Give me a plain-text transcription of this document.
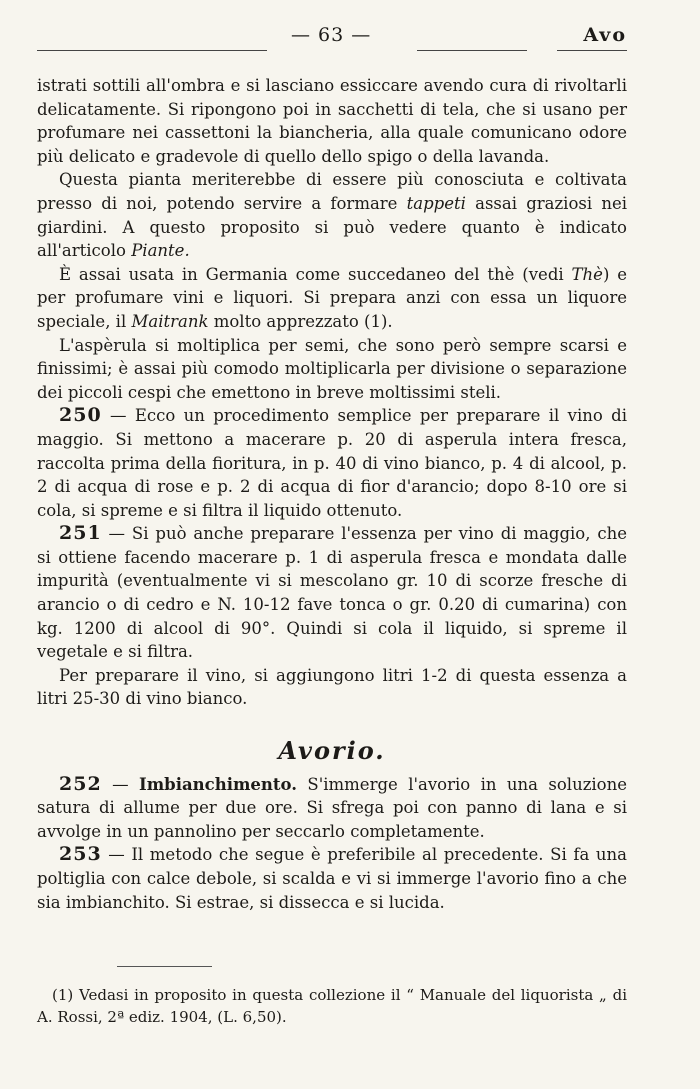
— 63 —	Avo

istrati sottili all'ombra e si lasciano essiccare avendo cura di rivoltarli delicatamente. Si ripongono poi in sacchetti di tela, che si usano per profumare nei cassettoni la biancheria, alla quale comunicano odore più delicato e gradevole di quello dello spigo o della lavanda.

Questa pianta meriterebbe di essere più conosciuta e coltivata presso di noi, potendo servire a formare tappeti assai graziosi nei giardini. A questo proposito si può vedere quanto è indicato all'articolo Piante.

È assai usata in Germania come succedaneo del thè (vedi Thè) e per profumare vini e liquori. Si prepara anzi con essa un liquore speciale, il Maitrank molto apprezzato (1).

L'aspèrula si moltiplica per semi, che sono però sempre scarsi e finissimi; è assai più comodo moltiplicarla per divisione o separazione dei piccoli cespi che emettono in breve moltissimi steli.

250 — Ecco un procedimento semplice per preparare il vino di maggio. Si mettono a macerare p. 20 di asperula intera fresca, raccolta prima della fioritura, in p. 40 di vino bianco, p. 4 di alcool, p. 2 di acqua di rose e p. 2 di acqua di fior d'arancio; dopo 8-10 ore si cola, si spreme e si filtra il liquido ottenuto.

251 — Si può anche preparare l'essenza per vino di maggio, che si ottiene facendo macerare p. 1 di asperula fresca e mondata dalle impurità (eventualmente vi si mescolano gr. 10 di scorze fresche di arancio o di cedro e N. 10-12 fave tonca o gr. 0.20 di cumarina) con kg. 1200 di alcool di 90°. Quindi si cola il liquido, si spreme il vegetale e si filtra.

Per preparare il vino, si aggiungono litri 1-2 di questa essenza a litri 25-30 di vino bianco.

Avorio.

252 — Imbianchimento. S'immerge l'avorio in una soluzione satura di allume per due ore. Si sfrega poi con panno di lana e si avvolge in un pannolino per seccarlo completamente.

253 — Il metodo che segue è preferibile al precedente. Si fa una poltiglia con calce debole, si scalda e vi si immerge l'avorio fino a che sia imbianchito. Si estrae, si dissecca e si lucida.

(1) Vedasi in proposito in questa collezione il “ Manuale del liquorista „ di A. Rossi, 2ª ediz. 1904, (L. 6,50).
